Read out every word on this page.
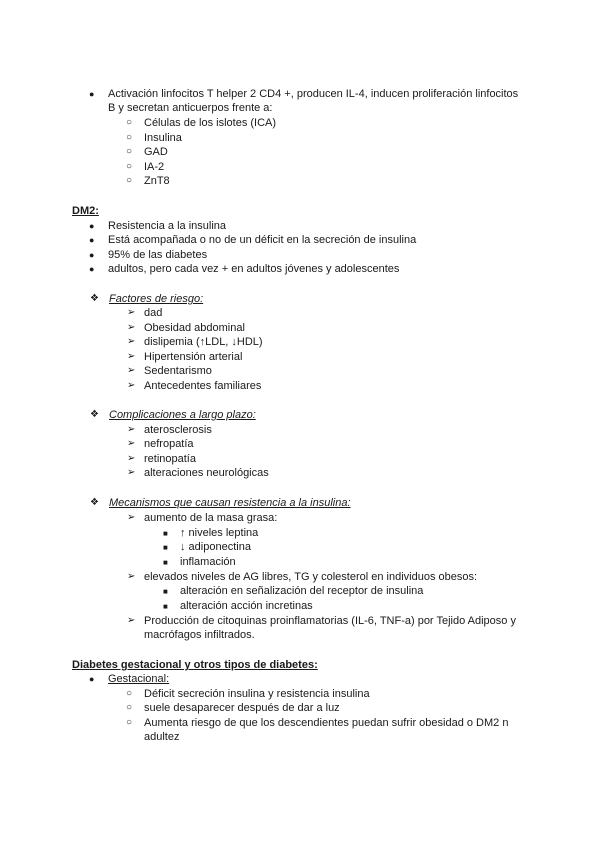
● Activación linfocitos T helper 2 CD4 +, producen IL-4, inducen proliferación linfocitos
B y secretan anticuerpos frente a:
○ Células de los islotes (ICA)
○ Insulina
○ GAD
○ IA-2
○ ZnT8
DM2:
● Resistencia a la insulina
● Está acompañada o no de un déficit en la secreción de insulina
● 95% de las diabetes
● adultos, pero cada vez + en adultos jóvenes y adolescentes
❖ Factores de riesgo:
➢ dad
➢ Obesidad abdominal
➢ dislipemia (↑LDL, ↓HDL)
➢ Hipertensión arterial
➢ Sedentarismo
➢ Antecedentes familiares
❖ Complicaciones a largo plazo:
➢ aterosclerosis
➢ nefropatía
➢ retinopatía
➢ alteraciones neurológicas
❖ Mecanismos que causan resistencia a la insulina:
➢ aumento de la masa grasa:
■ ↑ niveles leptina
■ ↓ adiponectina
■ inflamación
➢ elevados niveles de AG libres, TG y colesterol en individuos obesos:
■ alteración en señalización del receptor de insulina
■ alteración acción incretinas
➢ Producción de citoquinas proinflamatorias (IL-6, TNF-a) por Tejido Adiposo y
macrófagos infiltrados.
Diabetes gestacional y otros tipos de diabetes:
● Gestacional:
○ Déficit secreción insulina y resistencia insulina
○ suele desaparecer después de dar a luz
○ Aumenta riesgo de que los descendientes puedan sufrir obesidad o DM2 n
adultez
